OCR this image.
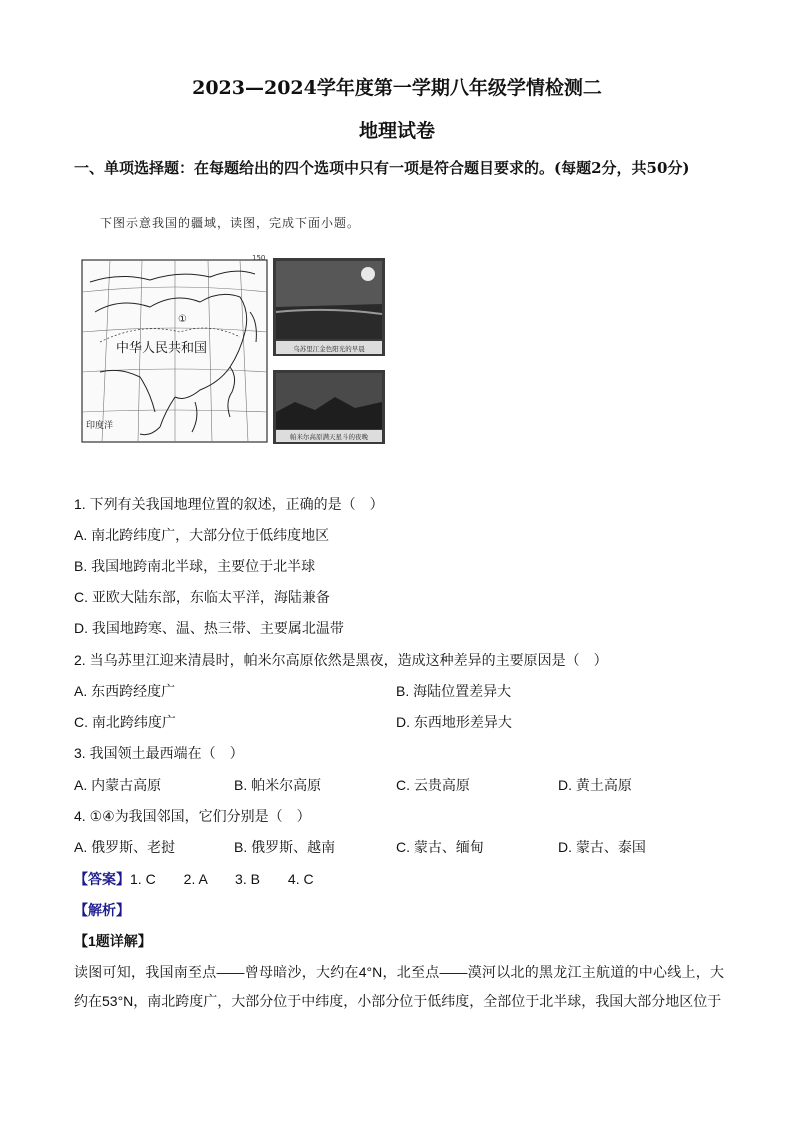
2023—2024学年度第一学期八年级学情检测二
地理试卷
一、单项选择题：在每题给出的四个选项中只有一项是符合题目要求的。(每题2分，共50分)
下图示意我国的疆域，读图，完成下面小题。
①
中华人民共和国
印度洋
150
乌苏里江金色阳光的早晨
帕米尔高原满天星斗的夜晚
1. 下列有关我国地理位置的叙述，正确的是（　）
A. 南北跨纬度广，大部分位于低纬度地区
B. 我国地跨南北半球，主要位于北半球
C. 亚欧大陆东部，东临太平洋，海陆兼备
D. 我国地跨寒、温、热三带、主要属北温带
2. 当乌苏里江迎来清晨时，帕米尔高原依然是黑夜，造成这种差异的主要原因是（　）
A. 东西跨经度广	B. 海陆位置差异大
C. 南北跨纬度广	D. 东西地形差异大
3. 我国领土最西端在（　）
A. 内蒙古高原	B. 帕米尔高原	C. 云贵高原	D. 黄土高原
4. ①④为我国邻国，它们分别是（　）
A. 俄罗斯、老挝	B. 俄罗斯、越南	C. 蒙古、缅甸	D. 蒙古、泰国
【答案】1. C　　2. A　　3. B　　4. C
【解析】
【1题详解】
读图可知，我国南至点——曾母暗沙，大约在4°N，北至点——漠河以北的黑龙江主航道的中心线上，大约在53°N，南北跨度广，大部分位于中纬度，小部分位于低纬度，全部位于北半球，我国大部分地区位于
